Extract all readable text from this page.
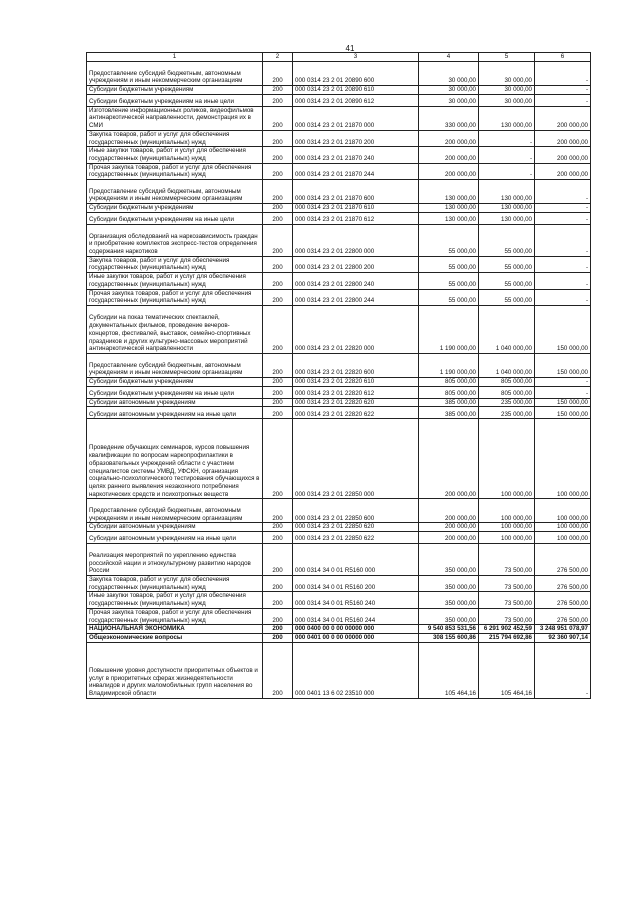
41
1	2	3	4	5	6
Предоставление субсидий бюджетным, автономным учреждениям и иным некоммерческим организациям	200	000 0314 23 2 01 20890 600	30 000,00	30 000,00	-
Субсидии бюджетным учреждениям	200	000 0314 23 2 01 20890 610	30 000,00	30 000,00	-
Субсидии бюджетным учреждениям на иные цели	200	000 0314 23 2 01 20890 612	30 000,00	30 000,00	-
Изготовление информационных роликов, видеофильмов антинаркотической направленности, демонстрация их в СМИ	200	000 0314 23 2 01 21870 000	330 000,00	130 000,00	200 000,00
Закупка товаров, работ и услуг для обеспечения государственных (муниципальных) нужд	200	000 0314 23 2 01 21870 200	200 000,00	-	200 000,00
Иные закупки товаров, работ и услуг для обеспечения государственных (муниципальных) нужд	200	000 0314 23 2 01 21870 240	200 000,00	-	200 000,00
Прочая закупка товаров, работ и услуг для обеспечения государственных (муниципальных) нужд	200	000 0314 23 2 01 21870 244	200 000,00	-	200 000,00
Предоставление субсидий бюджетным, автономным учреждениям и иным некоммерческим организациям	200	000 0314 23 2 01 21870 600	130 000,00	130 000,00	-
Субсидии бюджетным учреждениям	200	000 0314 23 2 01 21870 610	130 000,00	130 000,00	-
Субсидии бюджетным учреждениям на иные цели	200	000 0314 23 2 01 21870 612	130 000,00	130 000,00	-
Организация обследований на наркозависимость граждан и приобретение комплектов экспресс-тестов определения содержания наркотиков	200	000 0314 23 2 01 22800 000	55 000,00	55 000,00	-
Закупка товаров, работ и услуг для обеспечения государственных (муниципальных) нужд	200	000 0314 23 2 01 22800 200	55 000,00	55 000,00	-
Иные закупки товаров, работ и услуг для обеспечения государственных (муниципальных) нужд	200	000 0314 23 2 01 22800 240	55 000,00	55 000,00	-
Прочая закупка товаров, работ и услуг для обеспечения государственных (муниципальных) нужд	200	000 0314 23 2 01 22800 244	55 000,00	55 000,00	-
Субсидии на показ тематических спектаклей, документальных фильмов, проведение вечеров-концертов, фестивалей, выставок, семейно-спортивных праздников и других культурно-массовых мероприятий антинаркотической направленности	200	000 0314 23 2 01 22820 000	1 190 000,00	1 040 000,00	150 000,00
Предоставление субсидий бюджетным, автономным учреждениям и иным некоммерческим организациям	200	000 0314 23 2 01 22820 600	1 190 000,00	1 040 000,00	150 000,00
Субсидии бюджетным учреждениям	200	000 0314 23 2 01 22820 610	805 000,00	805 000,00	-
Субсидии бюджетным учреждениям на иные цели	200	000 0314 23 2 01 22820 612	805 000,00	805 000,00	-
Субсидии автономным учреждениям	200	000 0314 23 2 01 22820 620	385 000,00	235 000,00	150 000,00
Субсидии автономным учреждениям на иные цели	200	000 0314 23 2 01 22820 622	385 000,00	235 000,00	150 000,00
Проведение обучающих семинаров, курсов повышения квалификации по вопросам наркопрофилактики в образовательных учреждений области с участием специалистов системы УМВД, УФСКН, организация социально-психологического тестирования обучающихся в целях раннего выявления незаконного потребления наркотических средств и психотропных веществ	200	000 0314 23 2 01 22850 000	200 000,00	100 000,00	100 000,00
Предоставление субсидий бюджетным, автономным учреждениям и иным некоммерческим организациям	200	000 0314 23 2 01 22850 600	200 000,00	100 000,00	100 000,00
Субсидии автономным учреждениям	200	000 0314 23 2 01 22850 620	200 000,00	100 000,00	100 000,00
Субсидии автономным учреждениям на иные цели	200	000 0314 23 2 01 22850 622	200 000,00	100 000,00	100 000,00
Реализация мероприятий по укреплению единства российской нации и этнокультурному развитию народов России	200	000 0314 34 0 01 R5160 000	350 000,00	73 500,00	276 500,00
Закупка товаров, работ и услуг для обеспечения государственных (муниципальных) нужд	200	000 0314 34 0 01 R5160 200	350 000,00	73 500,00	276 500,00
Иные закупки товаров, работ и услуг для обеспечения государственных (муниципальных) нужд	200	000 0314 34 0 01 R5160 240	350 000,00	73 500,00	276 500,00
Прочая закупка товаров, работ и услуг для обеспечения государственных (муниципальных) нужд	200	000 0314 34 0 01 R5160 244	350 000,00	73 500,00	276 500,00
НАЦИОНАЛЬНАЯ ЭКОНОМИКА	200	000 0400 00 0 00 00000 000	9 540 853 531,56	6 291 902 452,59	3 248 951 078,97
Общеэкономические вопросы	200	000 0401 00 0 00 00000 000	308 155 600,86	215 794 692,86	92 360 907,14
Повышение уровня доступности приоритетных объектов и услуг в приоритетных сферах жизнедеятельности инвалидов и других маломобильных групп населения во Владимирской области	200	000 0401 13 6 02 23510 000	105 464,16	105 464,16	-
